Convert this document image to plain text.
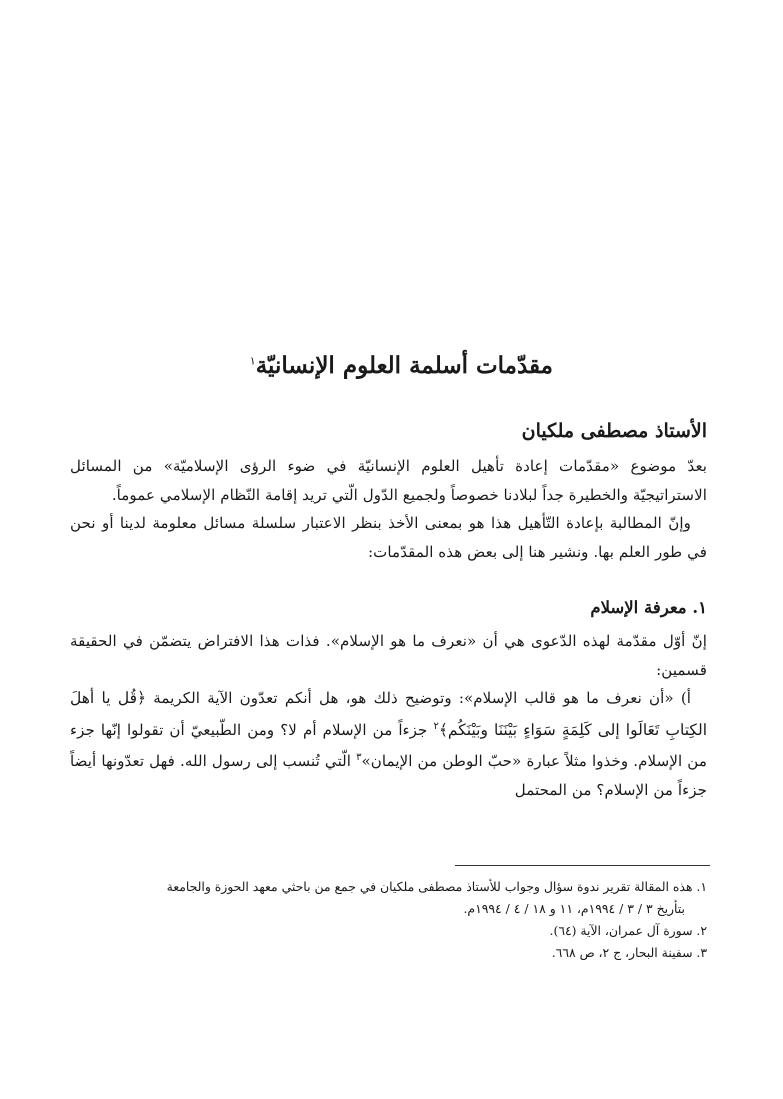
مقدّمات أسلمة العلوم الإنسانيّة$^١$
الأستاذ مصطفى ملكيان

بعدّ موضوع «مقدّمات إعادة تأهيل العلوم الإنسانيّة في ضوء الرؤى الإسلاميّة» من المسائل الاستراتيجيّة والخطيرة جداً لبلادنا خصوصاً ولجميع الدّول الّتي تريد إقامة النّظام الإسلامي عموماً.

وإنّ المطالبة بإعادة التّأهيل هذا هو بمعنى الأخذ بنظر الاعتبار سلسلة مسائل معلومة لدينا أو نحن في طور العلم بها. ونشير هنا إلى بعض هذه المقدّمات:

١. معرفة الإسلام

إنّ أوّل مقدّمة لهذه الدّعوى هي أن «نعرف ما هو الإسلام». فذات هذا الافتراض يتضمّن في الحقيقة قسمين:

أ) «أن نعرف ما هو قالب الإسلام»: وتوضيح ذلك هو، هل أنكم تعدّون الآية الكريمة ﴿قُل يا أهلَ الكِتابِ تَعَالَوا إلى كَلِمَةٍ سَوَاءٍ بَيْنَنَا وبَيْنَكُم﴾$^٢$ جزءاً من الإسلام أم لا؟ ومن الطّبيعيّ أن تقولوا إنّها جزء من الإسلام. وخذوا مثلاً عبارة «حبّ الوطن من الإيمان»$^٣$ الّتي تُنسب إلى رسول الله. فهل تعدّونها أيضاً جزءاً من الإسلام؟ من المحتمل

١. هذه المقالة تقرير ندوة سؤال وجواب للأستاذ مصطفى ملكيان في جمع من باحثي معهد الحوزة والجامعة

بتأريخ ٣ / ٣ / ١٩٩٤م، ١١ و ١٨ / ٤ / ١٩٩٤م.

٢. سورة آل عمران، الآية (٦٤).

٣. سفينة البحار، ج ٢، ص ٦٦٨.
